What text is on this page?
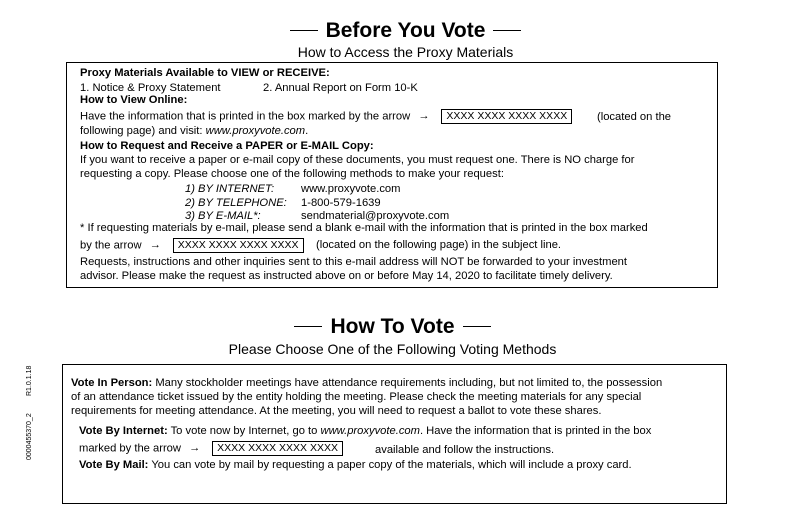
Before You Vote
How to Access the Proxy Materials
Proxy Materials Available to VIEW or RECEIVE:
1. Notice & Proxy Statement	2. Annual Report on Form 10-K
How to View Online:
Have the information that is printed in the box marked by the arrow → XXXX XXXX XXXX XXXX	(located on the
following page) and visit: www.proxyvote.com.
How to Request and Receive a PAPER or E-MAIL Copy:
If you want to receive a paper or e-mail copy of these documents, you must request one. There is NO charge for
requesting a copy. Please choose one of the following methods to make your request:
1) BY INTERNET: www.proxyvote.com
2) BY TELEPHONE: 1-800-579-1639
3) BY E-MAIL*:	sendmaterial@proxyvote.com
* If requesting materials by e-mail, please send a blank e-mail with the information that is printed in the box marked
by the arrow → XXXX XXXX XXXX XXXX	(located on the following page) in the subject line.
Requests, instructions and other inquiries sent to this e-mail address will NOT be forwarded to your investment
advisor. Please make the request as instructed above on or before May 14, 2020 to facilitate timely delivery.
How To Vote
Please Choose One of the Following Voting Methods
Vote In Person: Many stockholder meetings have attendance requirements including, but not limited to, the possession
of an attendance ticket issued by the entity holding the meeting. Please check the meeting materials for any special
requirements for meeting attendance. At the meeting, you will need to request a ballot to vote these shares.
Vote By Internet: To vote now by Internet, go to www.proxyvote.com. Have the information that is printed in the box
marked by the arrow → XXXX XXXX XXXX XXXX	available and follow the instructions.
Vote By Mail: You can vote by mail by requesting a paper copy of the materials, which will include a proxy card.
R1.0.1.18
0000455370_2
